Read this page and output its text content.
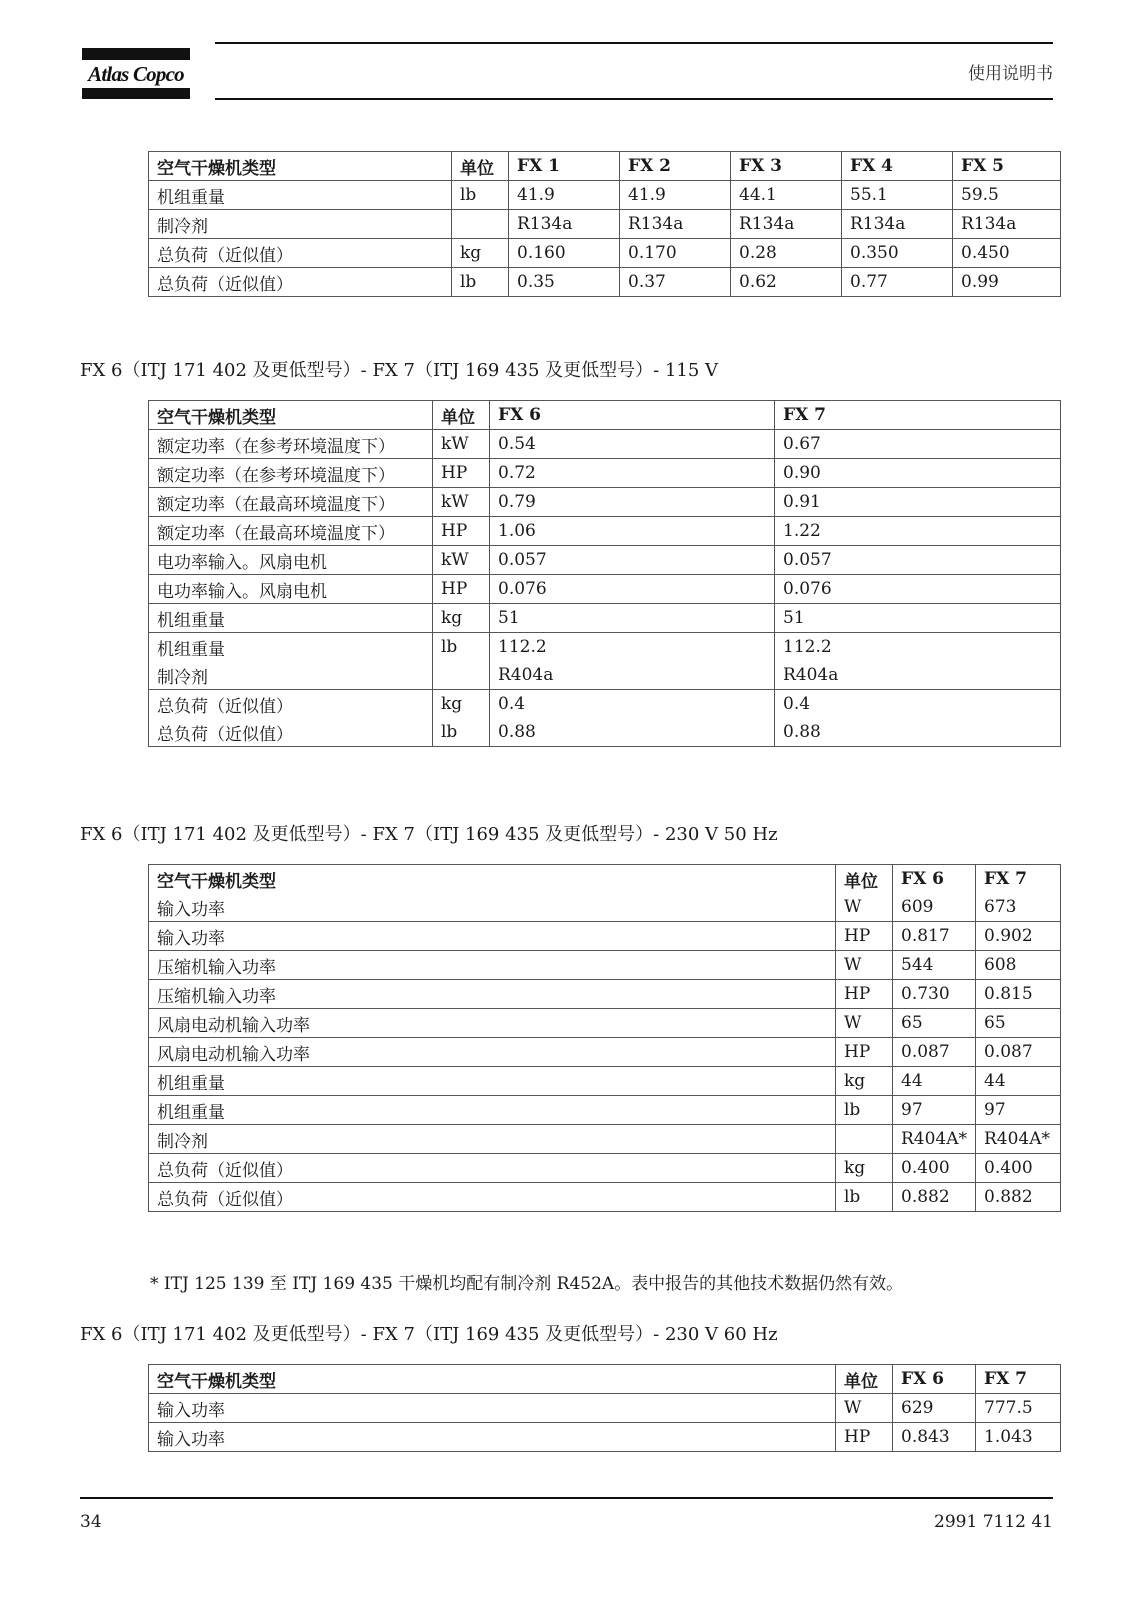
Atlas Copco	使用说明书
空气干燥机类型	单位	FX 1	FX 2	FX 3	FX 4	FX 5
机组重量	lb	41.9	41.9	44.1	55.1	59.5
制冷剂		R134a	R134a	R134a	R134a	R134a
总负荷（近似值）	kg	0.160	0.170	0.28	0.350	0.450
总负荷（近似值）	lb	0.35	0.37	0.62	0.77	0.99
FX 6（ITJ 171 402 及更低型号）- FX 7（ITJ 169 435 及更低型号）- 115 V
空气干燥机类型	单位	FX 6	FX 7
额定功率（在参考环境温度下）	kW	0.54	0.67
额定功率（在参考环境温度下）	HP	0.72	0.90
额定功率（在最高环境温度下）	kW	0.79	0.91
额定功率（在最高环境温度下）	HP	1.06	1.22
电功率输入。风扇电机	kW	0.057	0.057
电功率输入。风扇电机	HP	0.076	0.076
机组重量	kg	51	51
机组重量	lb	112.2	112.2
制冷剂		R404a	R404a
总负荷（近似值）	kg	0.4	0.4
总负荷（近似值）	lb	0.88	0.88
FX 6（ITJ 171 402 及更低型号）- FX 7（ITJ 169 435 及更低型号）- 230 V 50 Hz
空气干燥机类型	单位	FX 6	FX 7
输入功率	W	609	673
输入功率	HP	0.817	0.902
压缩机输入功率	W	544	608
压缩机输入功率	HP	0.730	0.815
风扇电动机输入功率	W	65	65
风扇电动机输入功率	HP	0.087	0.087
机组重量	kg	44	44
机组重量	lb	97	97
制冷剂		R404A*	R404A*
总负荷（近似值）	kg	0.400	0.400
总负荷（近似值）	lb	0.882	0.882
* ITJ 125 139 至 ITJ 169 435 干燥机均配有制冷剂 R452A。表中报告的其他技术数据仍然有效。
FX 6（ITJ 171 402 及更低型号）- FX 7（ITJ 169 435 及更低型号）- 230 V 60 Hz
空气干燥机类型	单位	FX 6	FX 7
输入功率	W	629	777.5
输入功率	HP	0.843	1.043
34	2991 7112 41
